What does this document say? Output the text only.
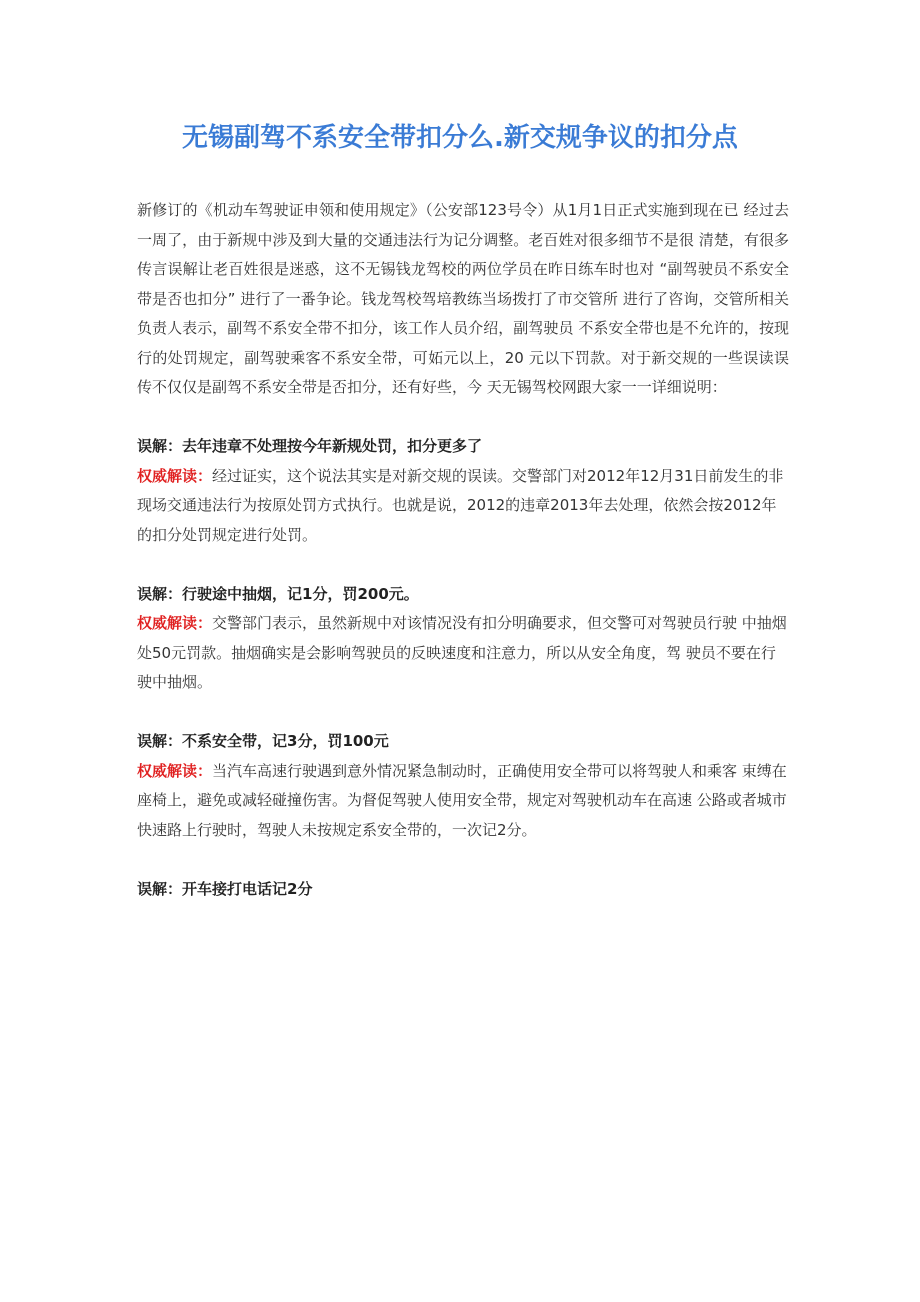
无锡副驾不系安全带扣分么.新交规争议的扣分点

新修订的《机动车驾驶证申领和使用规定》（公安部123号令）从1月1日正式实施到现在已 经过去一周了，由于新规中涉及到大量的交通违法行为记分调整。老百姓对很多细节不是很 清楚，有很多传言误解让老百姓很是迷惑，这不无锡钱龙驾校的两位学员在昨日练车时也对 “副驾驶员不系安全带是否也扣分” 进行了一番争论。钱龙驾校驾培教练当场拨打了市交管所 进行了咨询，交管所相关负责人表示，副驾不系安全带不扣分，该工作人员介绍，副驾驶员 不系安全带也是不允许的，按现行的处罚规定，副驾驶乘客不系安全带，可妬元以上，20 元以下罚款。对于新交规的一些误读误传不仅仅是副驾不系安全带是否扣分，还有好些，今 天无锡驾校网跟大家一一详细说明：

误解：去年违章不处理按今年新规处罚，扣分更多了

权威解读：经过证实，这个说法其实是对新交规的误读。交警部门对2012年12月31日前发生的非现场交通违法行为按原处罚方式执行。也就是说，2012的违章2013年去处理，依然会按2012年的扣分处罚规定进行处罚。

误解：行驶途中抽烟，记1分，罚200元。

权威解读：交警部门表示，虽然新规中对该情况没有扣分明确要求，但交警可对驾驶员行驶 中抽烟处50元罚款。抽烟确实是会影响驾驶员的反映速度和注意力，所以从安全角度，驾 驶员不要在行驶中抽烟。

误解：不系安全带，记3分，罚100元

权威解读：当汽车高速行驶遇到意外情况紧急制动时，正确使用安全带可以将驾驶人和乘客 束缚在座椅上，避免或减轻碰撞伤害。为督促驾驶人使用安全带，规定对驾驶机动车在高速 公路或者城市快速路上行驶时，驾驶人未按规定系安全带的，一次记2分。

误解：开车接打电话记2分
